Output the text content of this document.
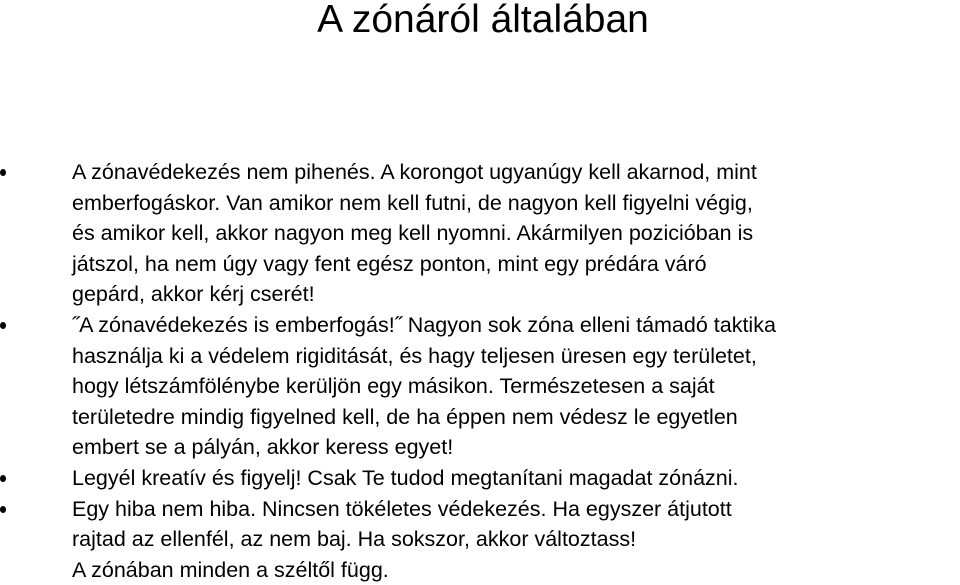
A zónáról általában
A zónavédekezés nem pihenés. A korongot ugyanúgy kell akarnod, mint
emberfogáskor. Van amikor nem kell futni, de nagyon kell figyelni végig,
és amikor kell, akkor nagyon meg kell nyomni. Akármilyen pozicióban is
játszol, ha nem úgy vagy fent egész ponton, mint egy prédára váró
gepárd, akkor kérj cserét!
˝A zónavédekezés is emberfogás!˝ Nagyon sok zóna elleni támadó taktika
használja ki a védelem rigiditását, és hagy teljesen üresen egy területet,
hogy létszámfölénybe kerüljön egy másikon. Természetesen a saját
területedre mindig figyelned kell, de ha éppen nem védesz le egyetlen
embert se a pályán, akkor keress egyet!
Legyél kreatív és figyelj! Csak Te tudod megtanítani magadat zónázni.
Egy hiba nem hiba. Nincsen tökéletes védekezés. Ha egyszer átjutott
rajtad az ellenfél, az nem baj. Ha sokszor, akkor változtass!
A zónában minden a széltől függ.
